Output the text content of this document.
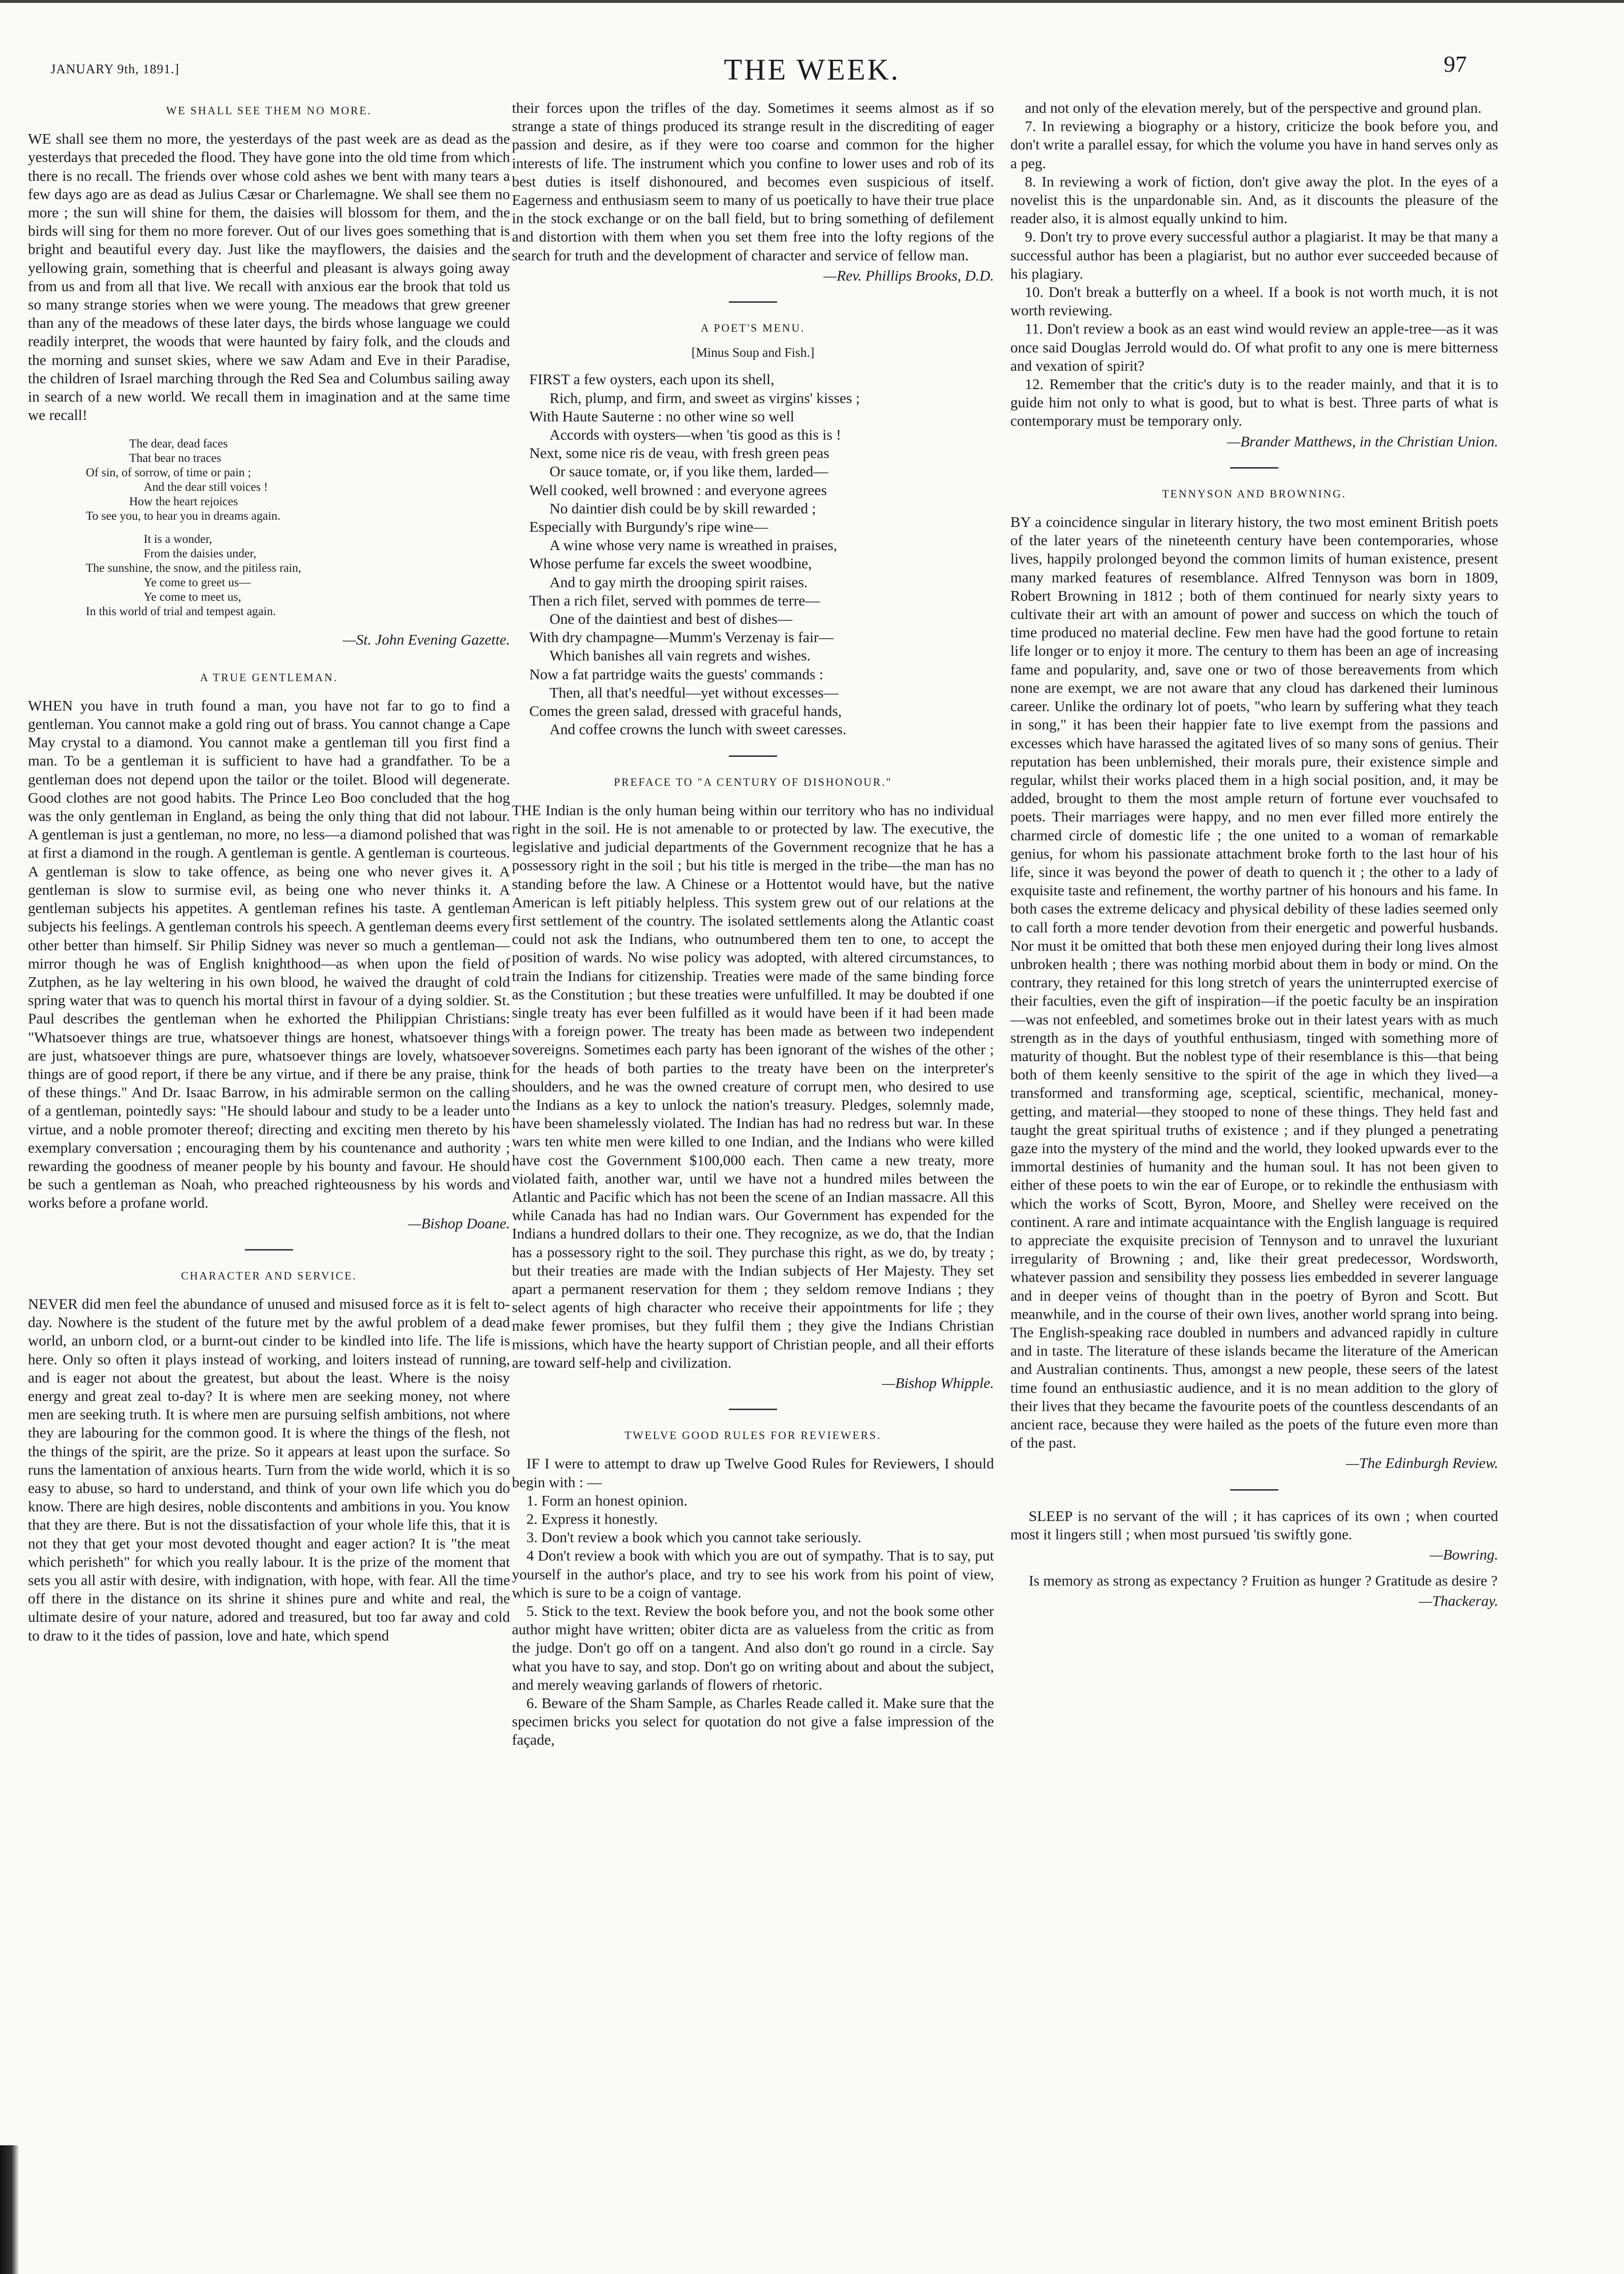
JANUARY 9th, 1891.]	THE WEEK.	97
WE SHALL SEE THEM NO MORE.

WE shall see them no more, the yesterdays of the past week are as dead as the yesterdays that preceded the flood. They have gone into the old time from which there is no recall. The friends over whose cold ashes we bent with many tears a few days ago are as dead as Julius Cæsar or Charlemagne. We shall see them no more ; the sun will shine for them, the daisies will blossom for them, and the birds will sing for them no more forever. Out of our lives goes something that is bright and beautiful every day. Just like the mayflowers, the daisies and the yellowing grain, something that is cheerful and pleasant is always going away from us and from all that live. We recall with anxious ear the brook that told us so many strange stories when we were young. The meadows that grew greener than any of the meadows of these later days, the birds whose language we could readily interpret, the woods that were haunted by fairy folk, and the clouds and the morning and sunset skies, where we saw Adam and Eve in their Paradise, the children of Israel marching through the Red Sea and Columbus sailing away in search of a new world. We recall them in imagination and at the same time we recall!

The dear, dead faces
That bear no traces
Of sin, of sorrow, of time or pain ;
And the dear still voices !
How the heart rejoices
To see you, to hear you in dreams again.
It is a wonder,
From the daisies under,
The sunshine, the snow, and the pitiless rain,
Ye come to greet us—
Ye come to meet us,
In this world of trial and tempest again.
—St. John Evening Gazette.
A TRUE GENTLEMAN.

WHEN you have in truth found a man, you have not far to go to find a gentleman. You cannot make a gold ring out of brass. You cannot change a Cape May crystal to a diamond. You cannot make a gentleman till you first find a man. To be a gentleman it is sufficient to have had a grandfather. To be a gentleman does not depend upon the tailor or the toilet. Blood will degenerate. Good clothes are not good habits. The Prince Leo Boo concluded that the hog was the only gentleman in England, as being the only thing that did not labour. A gentleman is just a gentleman, no more, no less—a diamond polished that was at first a diamond in the rough. A gentleman is gentle. A gentleman is courteous. A gentleman is slow to take offence, as being one who never gives it. A gentleman is slow to surmise evil, as being one who never thinks it. A gentleman subjects his appetites. A gentleman refines his taste. A gentleman subjects his feelings. A gentleman controls his speech. A gentleman deems every other better than himself. Sir Philip Sidney was never so much a gentleman—mirror though he was of English knighthood—as when upon the field of Zutphen, as he lay weltering in his own blood, he waived the draught of cold spring water that was to quench his mortal thirst in favour of a dying soldier. St. Paul describes the gentleman when he exhorted the Philippian Christians: "Whatsoever things are true, whatsoever things are honest, whatsoever things are just, whatsoever things are pure, whatsoever things are lovely, whatsoever things are of good report, if there be any virtue, and if there be any praise, think of these things." And Dr. Isaac Barrow, in his admirable sermon on the calling of a gentleman, pointedly says: "He should labour and study to be a leader unto virtue, and a noble promoter thereof; directing and exciting men thereto by his exemplary conversation ; encouraging them by his countenance and authority ; rewarding the goodness of meaner people by his bounty and favour. He should be such a gentleman as Noah, who preached righteousness by his words and works before a profane world.

—Bishop Doane.
CHARACTER AND SERVICE.

NEVER did men feel the abundance of unused and misused force as it is felt to-day. Nowhere is the student of the future met by the awful problem of a dead world, an unborn clod, or a burnt-out cinder to be kindled into life. The life is here. Only so often it plays instead of working, and loiters instead of running, and is eager not about the greatest, but about the least. Where is the noisy energy and great zeal to-day? It is where men are seeking money, not where men are seeking truth. It is where men are pursuing selfish ambitions, not where they are labouring for the common good. It is where the things of the flesh, not the things of the spirit, are the prize. So it appears at least upon the surface. So runs the lamentation of anxious hearts. Turn from the wide world, which it is so easy to abuse, so hard to understand, and think of your own life which you do know. There are high desires, noble discontents and ambitions in you. You know that they are there. But is not the dissatisfaction of your whole life this, that it is not they that get your most devoted thought and eager action? It is "the meat which perisheth" for which you really labour. It is the prize of the moment that sets you all astir with desire, with indignation, with hope, with fear. All the time off there in the distance on its shrine it shines pure and white and real, the ultimate desire of your nature, adored and treasured, but too far away and cold to draw to it the tides of passion, love and hate, which spend

their forces upon the trifles of the day. Sometimes it seems almost as if so strange a state of things produced its strange result in the discrediting of eager passion and desire, as if they were too coarse and common for the higher interests of life. The instrument which you confine to lower uses and rob of its best duties is itself dishonoured, and becomes even suspicious of itself. Eagerness and enthusiasm seem to many of us poetically to have their true place in the stock exchange or on the ball field, but to bring something of defilement and distortion with them when you set them free into the lofty regions of the search for truth and the development of character and service of fellow man.

—Rev. Phillips Brooks, D.D.
A POET'S MENU.
[Minus Soup and Fish.]
FIRST a few oysters, each upon its shell,
Rich, plump, and firm, and sweet as virgins' kisses ;
With Haute Sauterne : no other wine so well
Accords with oysters—when 'tis good as this is !
Next, some nice ris de veau, with fresh green peas
Or sauce tomate, or, if you like them, larded—
Well cooked, well browned : and everyone agrees
No daintier dish could be by skill rewarded ;
Especially with Burgundy's ripe wine—
A wine whose very name is wreathed in praises,
Whose perfume far excels the sweet woodbine,
And to gay mirth the drooping spirit raises.
Then a rich filet, served with pommes de terre—
One of the daintiest and best of dishes—
With dry champagne—Mumm's Verzenay is fair—
Which banishes all vain regrets and wishes.
Now a fat partridge waits the guests' commands :
Then, all that's needful—yet without excesses—
Comes the green salad, dressed with graceful hands,
And coffee crowns the lunch with sweet caresses.
PREFACE TO "A CENTURY OF DISHONOUR."

THE Indian is the only human being within our territory who has no individual right in the soil. He is not amenable to or protected by law. The executive, the legislative and judicial departments of the Government recognize that he has a possessory right in the soil ; but his title is merged in the tribe—the man has no standing before the law. A Chinese or a Hottentot would have, but the native American is left pitiably helpless. This system grew out of our relations at the first settlement of the country. The isolated settlements along the Atlantic coast could not ask the Indians, who outnumbered them ten to one, to accept the position of wards. No wise policy was adopted, with altered circumstances, to train the Indians for citizenship. Treaties were made of the same binding force as the Constitution ; but these treaties were unfulfilled. It may be doubted if one single treaty has ever been fulfilled as it would have been if it had been made with a foreign power. The treaty has been made as between two independent sovereigns. Sometimes each party has been ignorant of the wishes of the other ; for the heads of both parties to the treaty have been on the interpreter's shoulders, and he was the owned creature of corrupt men, who desired to use the Indians as a key to unlock the nation's treasury. Pledges, solemnly made, have been shamelessly violated. The Indian has had no redress but war. In these wars ten white men were killed to one Indian, and the Indians who were killed have cost the Government $100,000 each. Then came a new treaty, more violated faith, another war, until we have not a hundred miles between the Atlantic and Pacific which has not been the scene of an Indian massacre. All this while Canada has had no Indian wars. Our Government has expended for the Indians a hundred dollars to their one. They recognize, as we do, that the Indian has a possessory right to the soil. They purchase this right, as we do, by treaty ; but their treaties are made with the Indian subjects of Her Majesty. They set apart a permanent reservation for them ; they seldom remove Indians ; they select agents of high character who receive their appointments for life ; they make fewer promises, but they fulfil them ; they give the Indians Christian missions, which have the hearty support of Christian people, and all their efforts are toward self-help and civilization.

—Bishop Whipple.
TWELVE GOOD RULES FOR REVIEWERS.

IF I were to attempt to draw up Twelve Good Rules for Reviewers, I should begin with : —

1. Form an honest opinion.

2. Express it honestly.

3. Don't review a book which you cannot take seriously.

4 Don't review a book with which you are out of sympathy. That is to say, put yourself in the author's place, and try to see his work from his point of view, which is sure to be a coign of vantage.

5. Stick to the text. Review the book before you, and not the book some other author might have written; obiter dicta are as valueless from the critic as from the judge. Don't go off on a tangent. And also don't go round in a circle. Say what you have to say, and stop. Don't go on writing about and about the subject, and merely weaving garlands of flowers of rhetoric.

6. Beware of the Sham Sample, as Charles Reade called it. Make sure that the specimen bricks you select for quotation do not give a false impression of the façade,

and not only of the elevation merely, but of the perspective and ground plan.

7. In reviewing a biography or a history, criticize the book before you, and don't write a parallel essay, for which the volume you have in hand serves only as a peg.

8. In reviewing a work of fiction, don't give away the plot. In the eyes of a novelist this is the unpardonable sin. And, as it discounts the pleasure of the reader also, it is almost equally unkind to him.

9. Don't try to prove every successful author a plagiarist. It may be that many a successful author has been a plagiarist, but no author ever succeeded because of his plagiary.

10. Don't break a butterfly on a wheel. If a book is not worth much, it is not worth reviewing.

11. Don't review a book as an east wind would review an apple-tree—as it was once said Douglas Jerrold would do. Of what profit to any one is mere bitterness and vexation of spirit?

12. Remember that the critic's duty is to the reader mainly, and that it is to guide him not only to what is good, but to what is best. Three parts of what is contemporary must be temporary only.

—Brander Matthews, in the Christian Union.
TENNYSON AND BROWNING.

BY a coincidence singular in literary history, the two most eminent British poets of the later years of the nineteenth century have been contemporaries, whose lives, happily prolonged beyond the common limits of human existence, present many marked features of resemblance. Alfred Tennyson was born in 1809, Robert Browning in 1812 ; both of them continued for nearly sixty years to cultivate their art with an amount of power and success on which the touch of time produced no material decline. Few men have had the good fortune to retain life longer or to enjoy it more. The century to them has been an age of increasing fame and popularity, and, save one or two of those bereavements from which none are exempt, we are not aware that any cloud has darkened their luminous career. Unlike the ordinary lot of poets, "who learn by suffering what they teach in song," it has been their happier fate to live exempt from the passions and excesses which have harassed the agitated lives of so many sons of genius. Their reputation has been unblemished, their morals pure, their existence simple and regular, whilst their works placed them in a high social position, and, it may be added, brought to them the most ample return of fortune ever vouchsafed to poets. Their marriages were happy, and no men ever filled more entirely the charmed circle of domestic life ; the one united to a woman of remarkable genius, for whom his passionate attachment broke forth to the last hour of his life, since it was beyond the power of death to quench it ; the other to a lady of exquisite taste and refinement, the worthy partner of his honours and his fame. In both cases the extreme delicacy and physical debility of these ladies seemed only to call forth a more tender devotion from their energetic and powerful husbands. Nor must it be omitted that both these men enjoyed during their long lives almost unbroken health ; there was nothing morbid about them in body or mind. On the contrary, they retained for this long stretch of years the uninterrupted exercise of their faculties, even the gift of inspiration—if the poetic faculty be an inspiration—was not enfeebled, and sometimes broke out in their latest years with as much strength as in the days of youthful enthusiasm, tinged with something more of maturity of thought. But the noblest type of their resemblance is this—that being both of them keenly sensitive to the spirit of the age in which they lived—a transformed and transforming age, sceptical, scientific, mechanical, money-getting, and material—they stooped to none of these things. They held fast and taught the great spiritual truths of existence ; and if they plunged a penetrating gaze into the mystery of the mind and the world, they looked upwards ever to the immortal destinies of humanity and the human soul. It has not been given to either of these poets to win the ear of Europe, or to rekindle the enthusiasm with which the works of Scott, Byron, Moore, and Shelley were received on the continent. A rare and intimate acquaintance with the English language is required to appreciate the exquisite precision of Tennyson and to unravel the luxuriant irregularity of Browning ; and, like their great predecessor, Wordsworth, whatever passion and sensibility they possess lies embedded in severer language and in deeper veins of thought than in the poetry of Byron and Scott. But meanwhile, and in the course of their own lives, another world sprang into being. The English-speaking race doubled in numbers and advanced rapidly in culture and in taste. The literature of these islands became the literature of the American and Australian continents. Thus, amongst a new people, these seers of the latest time found an enthusiastic audience, and it is no mean addition to the glory of their lives that they became the favourite poets of the countless descendants of an ancient race, because they were hailed as the poets of the future even more than of the past.

—The Edinburgh Review.

SLEEP is no servant of the will ; it has caprices of its own ; when courted most it lingers still ; when most pursued 'tis swiftly gone.

—Bowring.

Is memory as strong as expectancy ? Fruition as hunger ? Gratitude as desire ?

—Thackeray.
